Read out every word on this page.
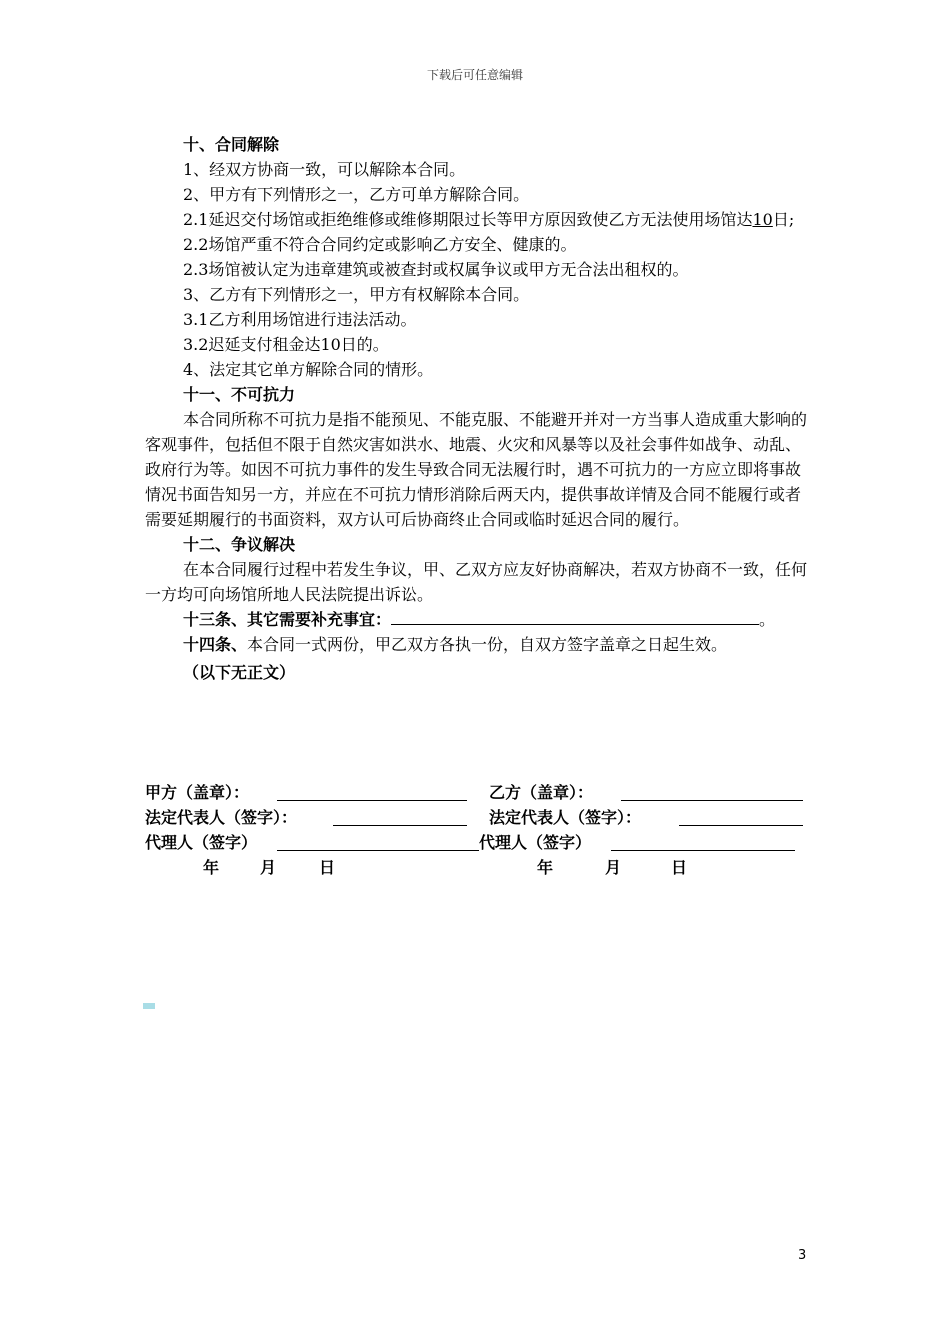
下载后可任意编辑

十、合同解除

1、经双方协商一致，可以解除本合同。

2、甲方有下列情形之一，乙方可单方解除合同。

2.1延迟交付场馆或拒绝维修或维修期限过长等甲方原因致使乙方无法使用场馆达10日;

2.2场馆严重不符合合同约定或影响乙方安全、健康的。

2.3场馆被认定为违章建筑或被查封或权属争议或甲方无合法出租权的。

3、乙方有下列情形之一，甲方有权解除本合同。

3.1乙方利用场馆进行违法活动。

3.2迟延支付租金达10日的。

4、法定其它单方解除合同的情形。

十一、不可抗力

本合同所称不可抗力是指不能预见、不能克服、不能避开并对一方当事人造成重大影响的客观事件，包括但不限于自然灾害如洪水、地震、火灾和风暴等以及社会事件如战争、动乱、政府行为等。如因不可抗力事件的发生导致合同无法履行时，遇不可抗力的一方应立即将事故情况书面告知另一方，并应在不可抗力情形消除后两天内，提供事故详情及合同不能履行或者需要延期履行的书面资料，双方认可后协商终止合同或临时延迟合同的履行。

十二、争议解决

在本合同履行过程中若发生争议，甲、乙双方应友好协商解决，若双方协商不一致，任何一方均可向场馆所地人民法院提出诉讼。

十三条、其它需要补充事宜：	。

十四条、本合同一式两份，甲乙双方各执一份，自双方签字盖章之日起生效。

（以下无正文）

甲方（盖章）：	乙方（盖章）：
法定代表人（签字）：	法定代表人（签字）：
代理人（签字）	代理人（签字）
年	月	日	年	月	日
3
